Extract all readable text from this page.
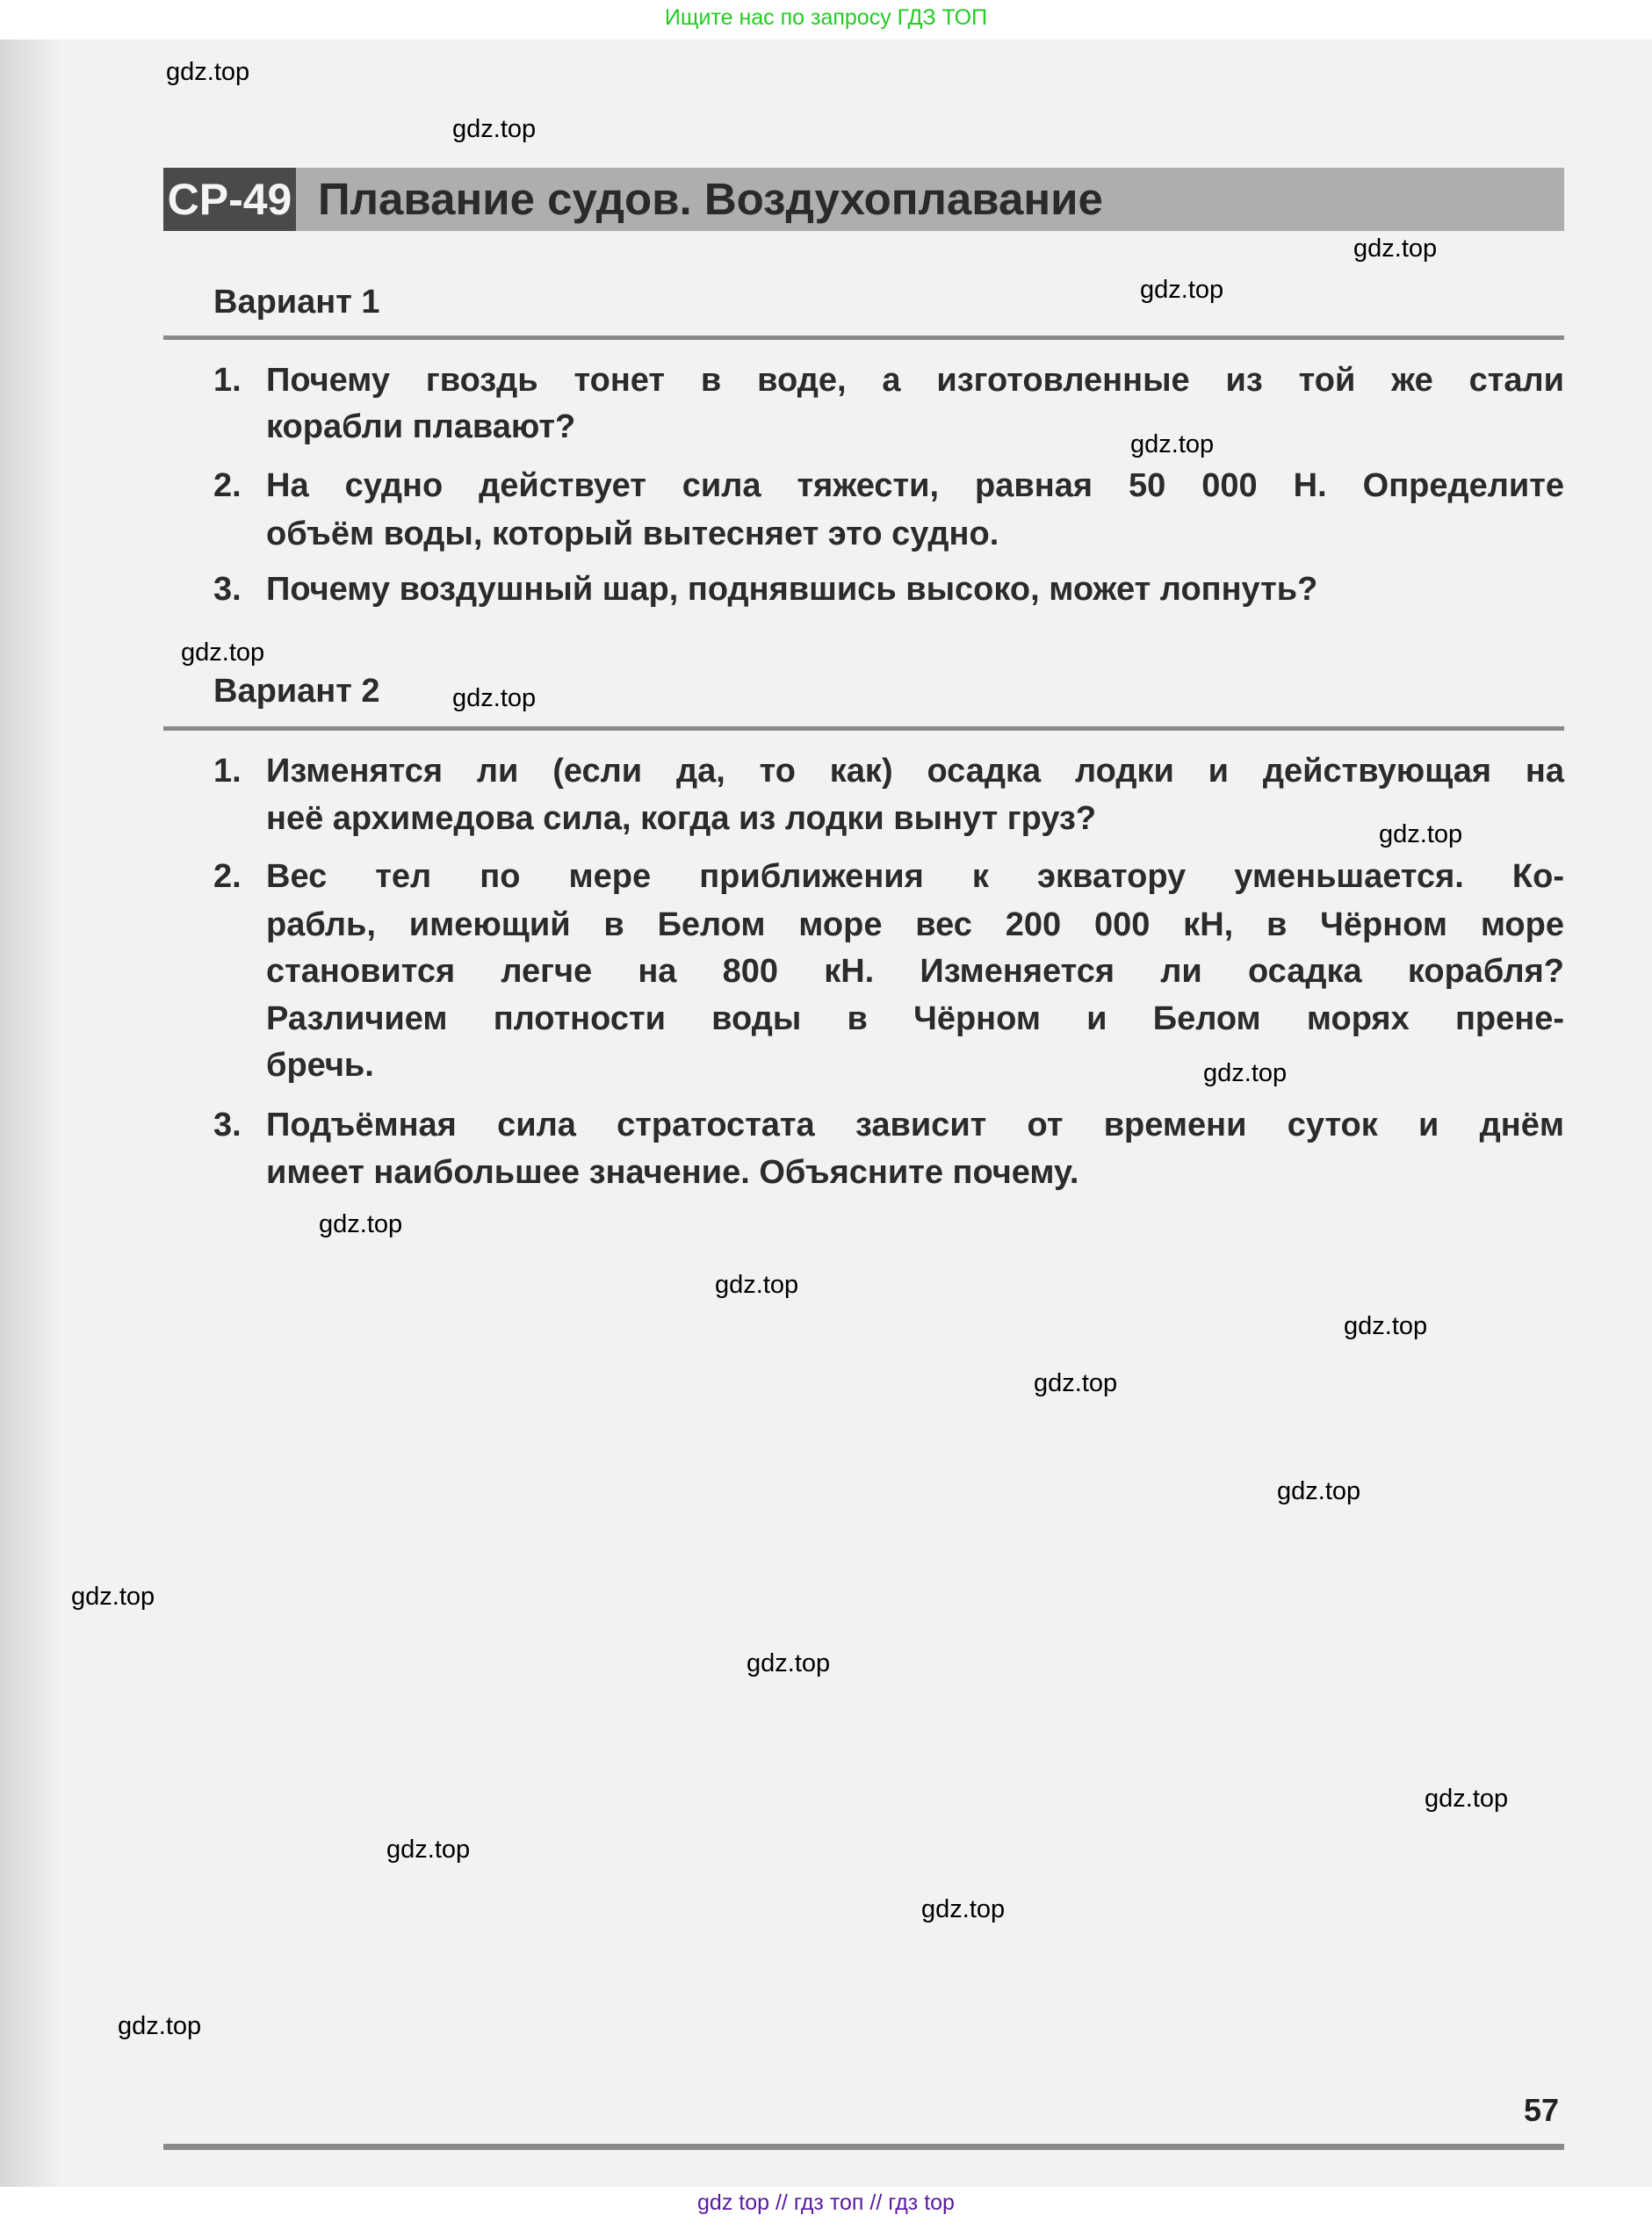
Ищите нас по запросу ГДЗ ТОП
СР-49 Плавание судов. Воздухоплавание
Вариант 1
1. Почему гвоздь тонет в воде, а изготовленные из той же стали
корабли плавают?
2. На судно действует сила тяжести, равная 50 000 Н. Определите
объём воды, который вытесняет это судно.
3. Почему воздушный шар, поднявшись высоко, может лопнуть?
Вариант 2
1. Изменятся ли (если да, то как) осадка лодки и действующая на
неё архимедова сила, когда из лодки вынут груз?
2. Вес тел по мере приближения к экватору уменьшается. Ко-
рабль, имеющий в Белом море вес 200 000 кН, в Чёрном море
становится легче на 800 кН. Изменяется ли осадка корабля?
Различием плотности воды в Чёрном и Белом морях прене-
бречь.
3. Подъёмная сила стратостата зависит от времени суток и днём
имеет наибольшее значение. Объясните почему.
gdz.top
gdz.top
gdz.top
gdz.top
gdz.top
gdz.top
gdz.top
gdz.top
gdz.top
gdz.top
gdz.top
gdz.top
gdz.top
gdz.top
gdz.top
gdz.top
gdz.top
gdz.top
gdz.top
gdz.top
57
gdz top // гдз топ // гдз top
